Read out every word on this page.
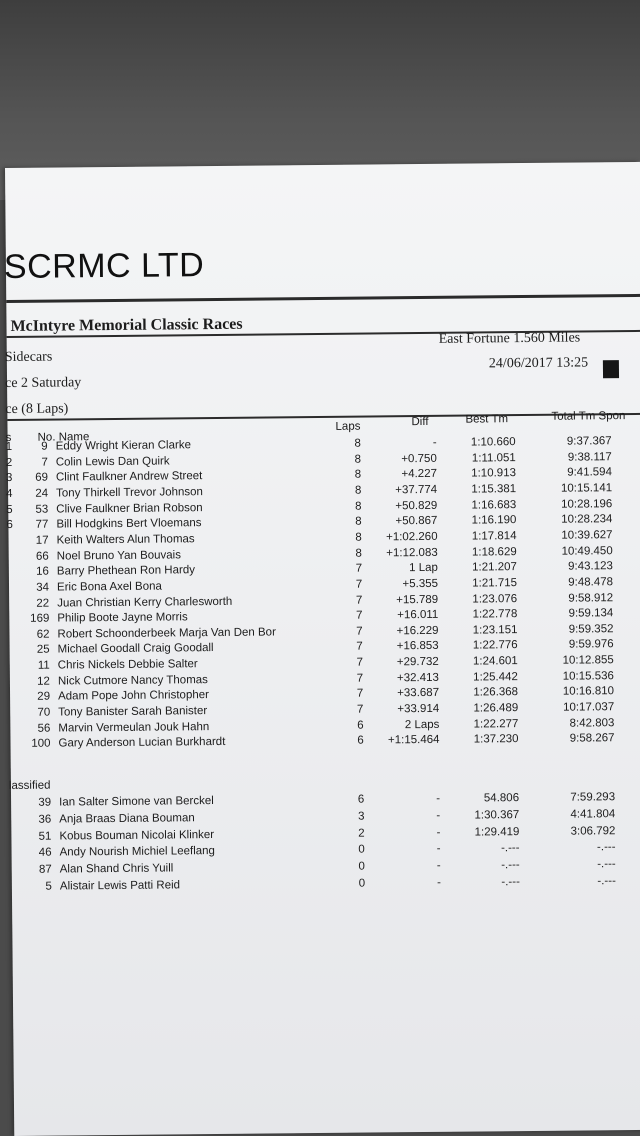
SCRMC LTD
McIntyre Memorial Classic Races
Sidecars
East Fortune 1.560 Miles
24/06/2017 13:25
ce 2 Saturday
ce (8 Laps)
s No. Name
Laps	Diff	Best Tm	Total Tm Spon
1	9 Eddy Wright Kieran Clarke	8	-	1:10.660	9:37.367
2	7 Colin Lewis Dan Quirk	8	+0.750	1:11.051	9:38.117
3	69 Clint Faulkner Andrew Street	8	+4.227	1:10.913	9:41.594
4	24 Tony Thirkell Trevor Johnson	8	+37.774	1:15.381	10:15.141
5	53 Clive Faulkner Brian Robson	8	+50.829	1:16.683	10:28.196
6	77 Bill Hodgkins Bert Vloemans	8	+50.867	1:16.190	10:28.234
17 Keith Walters Alun Thomas	8	+1:02.260	1:17.814	10:39.627
66 Noel Bruno Yan Bouvais	8	+1:12.083	1:18.629	10:49.450
16 Barry Phethean Ron Hardy	7	1 Lap	1:21.207	9:43.123
34 Eric Bona Axel Bona	7	+5.355	1:21.715	9:48.478
22 Juan Christian Kerry Charlesworth	7	+15.789	1:23.076	9:58.912
169 Philip Boote Jayne Morris	7	+16.011	1:22.778	9:59.134
62 Robert Schoonderbeek Marja Van Den Bor	7	+16.229	1:23.151	9:59.352
25 Michael Goodall Craig Goodall	7	+16.853	1:22.776	9:59.976
11 Chris Nickels Debbie Salter	7	+29.732	1:24.601	10:12.855
12 Nick Cutmore Nancy Thomas	7	+32.413	1:25.442	10:15.536
29 Adam Pope John Christopher	7	+33.687	1:26.368	10:16.810
70 Tony Banister Sarah Banister	7	+33.914	1:26.489	10:17.037
56 Marvin Vermeulan Jouk Hahn	6	2 Laps	1:22.277	8:42.803
100 Gary Anderson Lucian Burkhardt	6	+1:15.464	1:37.230	9:58.267
lassified
39 Ian Salter Simone van Berckel	6	-	54.806	7:59.293
36 Anja Braas Diana Bouman	3	-	1:30.367	4:41.804
51 Kobus Bouman Nicolai Klinker	2	-	1:29.419	3:06.792
46 Andy Nourish Michiel Leeflang	0	-	-.---	-.---
87 Alan Shand Chris Yuill	0	-	-.---	-.---
5 Alistair Lewis Patti Reid	0	-	-.---	-.---
